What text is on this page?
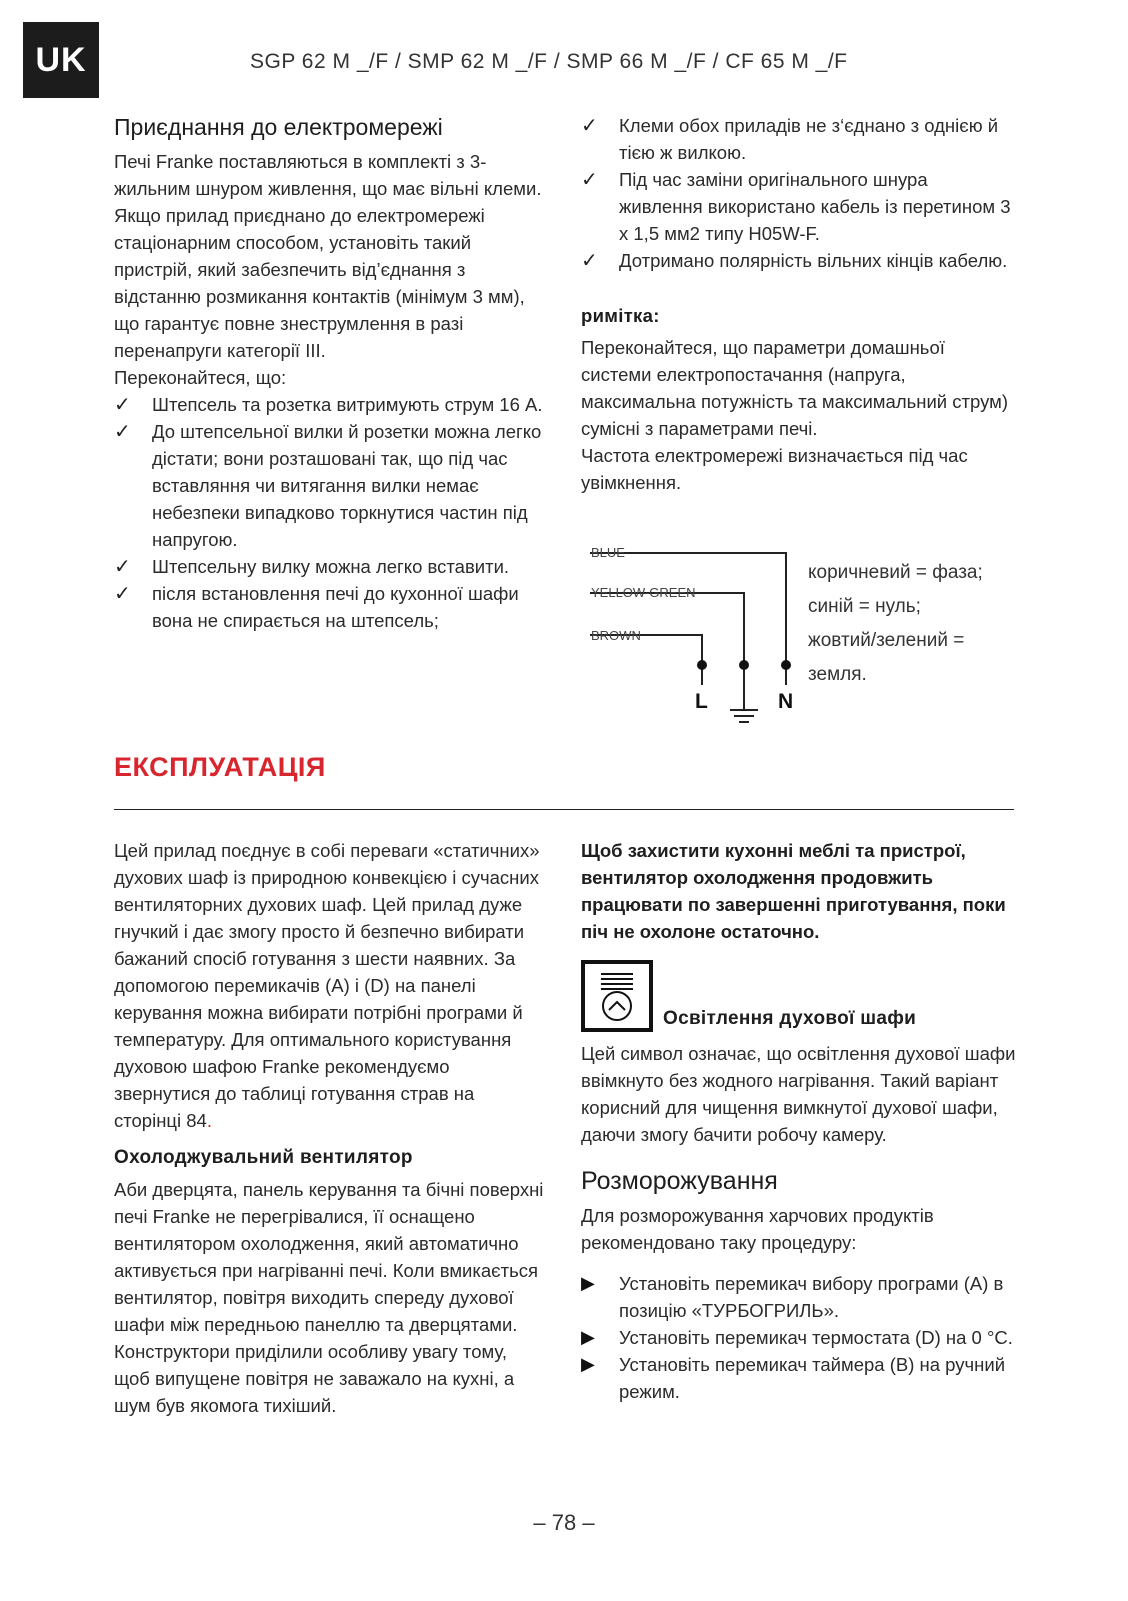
UK	SGP 62 M _/F / SMP 62 M _/F / SMP 66 M _/F / CF 65 M _/F
Приєднання до електромережі

Печі Franke поставляються в комплекті з 3-жильним шнуром живлення, що має вільні клеми. Якщо прилад приєднано до електромережі стаціонарним способом, установіть такий пристрій, який забезпечить від’єднання з відстанню розмикання контактів (мінімум 3 мм), що гарантує повне знеструмлення в разі перенапруги категорії III.

Переконайтеся, що:

✓ Штепсель та розетка витримують струм 16 А.
✓ До штепсельної вилки й розетки можна легко дістати; вони розташовані так, що під час вставляння чи витягання вилки немає небезпеки випадково торкнутися частин під напругою.
✓ Штепсельну вилку можна легко вставити.
✓ після встановлення печі до кухонної шафи вона не спирається на штепсель;
✓ Клеми обох приладів не з‘єднано з однією й тією ж вилкою.
✓ Під час заміни оригінального шнура живлення використано кабель із перетином 3 х 1,5 мм2 типу H05W-F.
✓ Дотримано полярність вільних кінців кабелю.
римітка:

Переконайтеся, що параметри домашньої системи електропостачання (напруга, максимальна потужність та максимальний струм) сумісні з параметрами печі.

Частота електромережі визначається під час увімкнення.

BLUE
YELLOW-GREEN
BROWN
L	N
коричневий = фаза;
синій = нуль;
жовтий/зелений =
земля.
ЕКСПЛУАТАЦІЯ

Цей прилад поєднує в собі переваги «статичних» духових шаф із природною конвекцією і сучасних вентиляторних духових шаф. Цей прилад дуже гнучкий і дає змогу просто й безпечно вибирати бажаний спосіб готування з шести наявних. За допомогою перемикачів (A) і (D) на панелі керування можна вибирати потрібні програми й температуру. Для оптимального користування духовою шафою Franke рекомендуємо звернутися до таблиці готування страв на сторінці 84.

Охолоджувальний вентилятор

Аби дверцята, панель керування та бічні поверхні печі Franke не перегрівалися, її оснащено вентилятором охолодження, який автоматично активується при нагріванні печі. Коли вмикається вентилятор, повітря виходить спереду духової шафи між передньою панеллю та дверцятами. Конструктори приділили особливу увагу тому, щоб випущене повітря не заважало на кухні, а шум був якомога тихіший.

Щоб захистити кухонні меблі та пристрої, вентилятор охолодження продовжить працювати по завершенні приготування, поки піч не охолоне остаточно.

Освітлення духової шафи

Цей символ означає, що освітлення духової шафи ввімкнуто без жодного нагрівання. Такий варіант корисний для чищення вимкнутої духової шафи, даючи змогу бачити робочу камеру.

Розморожування

Для розморожування харчових продуктів рекомендовано таку процедуру:

▶ Установіть перемикач вибору програми (A) в позицію «ТУРБОГРИЛЬ».
▶ Установіть перемикач термостата (D) на 0 °C.
▶ Установіть перемикач таймера (B) на ручний режим.
– 78 –
